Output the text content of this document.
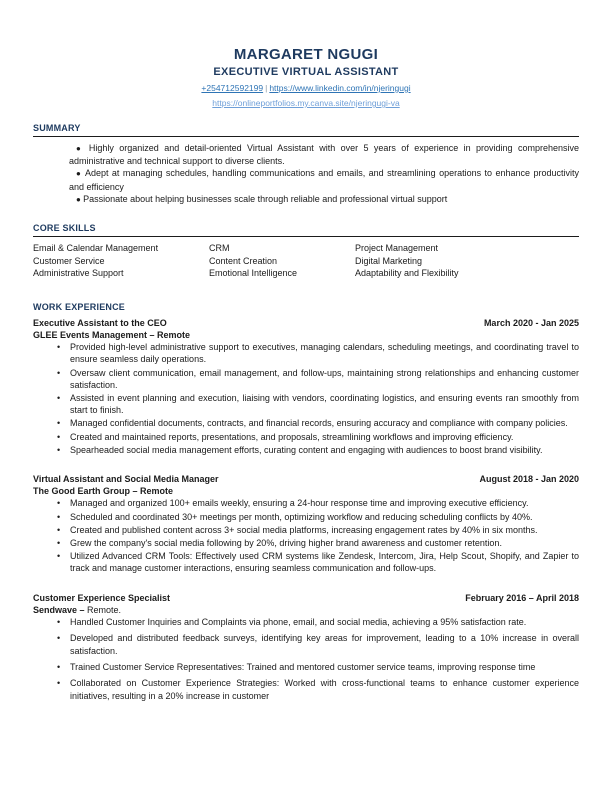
MARGARET NGUGI
EXECUTIVE VIRTUAL ASSISTANT
+254712592199 | https://www.linkedin.com/in/njeringugi
https://onlineportfolios.my.canva.site/njeringugi-va
SUMMARY

● Highly organized and detail-oriented Virtual Assistant with over 5 years of experience in providing comprehensive administrative and technical support to diverse clients.

● Adept at managing schedules, handling communications and emails, and streamlining operations to enhance productivity and efficiency

● Passionate about helping businesses scale through reliable and professional virtual support

CORE SKILLS
Email & Calendar Management	CRM	Project Management
Customer Service	Content Creation	Digital Marketing
Administrative Support	Emotional Intelligence	Adaptability and Flexibility
WORK EXPERIENCE
Executive Assistant to the CEO	March 2020 - Jan 2025
GLEE Events Management – Remote
• Provided high-level administrative support to executives, managing calendars, scheduling meetings, and coordinating travel to ensure seamless daily operations.
• Oversaw client communication, email management, and follow-ups, maintaining strong relationships and enhancing customer satisfaction.
• Assisted in event planning and execution, liaising with vendors, coordinating logistics, and ensuring events ran smoothly from start to finish.
• Managed confidential documents, contracts, and financial records, ensuring accuracy and compliance with company policies.
• Created and maintained reports, presentations, and proposals, streamlining workflows and improving efficiency.
• Spearheaded social media management efforts, curating content and engaging with audiences to boost brand visibility.
Virtual Assistant and Social Media Manager	August 2018 - Jan 2020
The Good Earth Group – Remote
• Managed and organized 100+ emails weekly, ensuring a 24-hour response time and improving executive efficiency.
• Scheduled and coordinated 30+ meetings per month, optimizing workflow and reducing scheduling conflicts by 40%.
• Created and published content across 3+ social media platforms, increasing engagement rates by 40% in six months.
• Grew the company's social media following by 20%, driving higher brand awareness and customer retention.
• Utilized Advanced CRM Tools: Effectively used CRM systems like Zendesk, Intercom, Jira, Help Scout, Shopify, and Zapier to track and manage customer interactions, ensuring seamless communication and follow-ups.
Customer Experience Specialist	February 2016 – April 2018
Sendwave – Remote.
• Handled Customer Inquiries and Complaints via phone, email, and social media, achieving a 95% satisfaction rate.
• Developed and distributed feedback surveys, identifying key areas for improvement, leading to a 10% increase in overall satisfaction.
• Trained Customer Service Representatives: Trained and mentored customer service teams, improving response time
• Collaborated on Customer Experience Strategies: Worked with cross-functional teams to enhance customer experience initiatives, resulting in a 20% increase in customer
